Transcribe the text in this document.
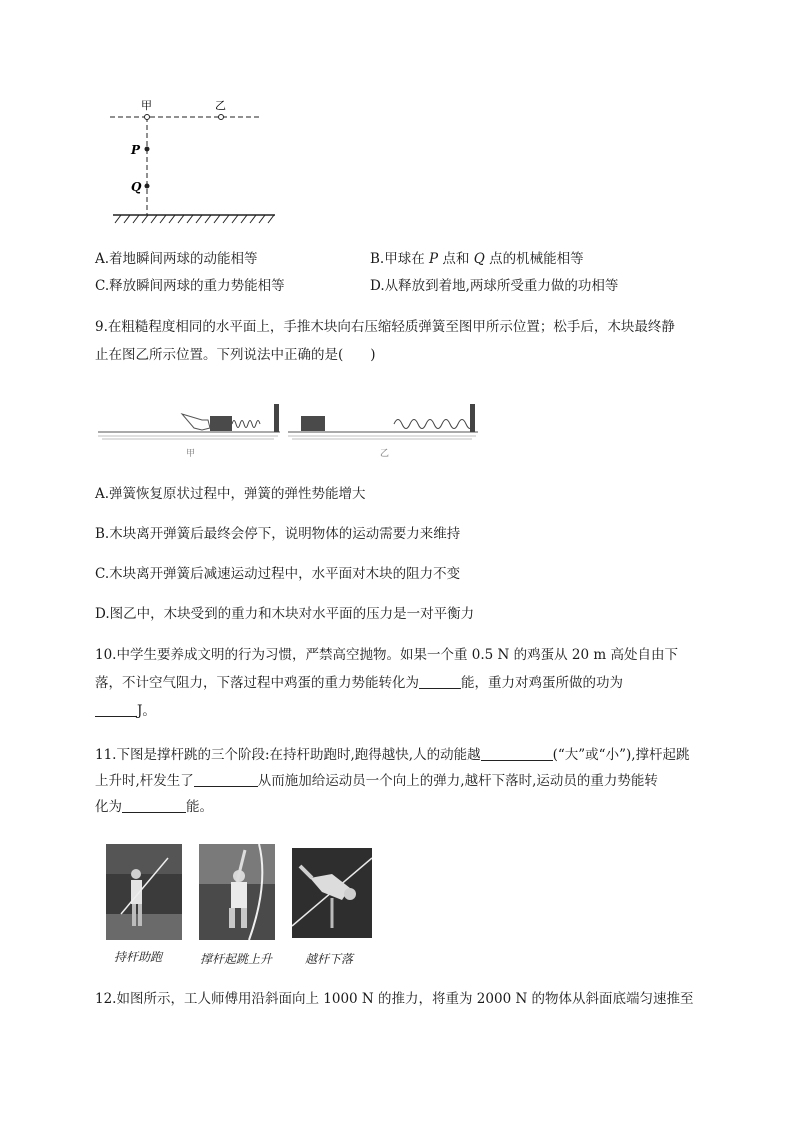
甲	乙
P
Q
A.着地瞬间两球的动能相等	B.甲球在 P 点和 Q 点的机械能相等
C.释放瞬间两球的重力势能相等	D.从释放到着地,两球所受重力做的功相等
9.在粗糙程度相同的水平面上，手推木块向右压缩轻质弹簧至图甲所示位置；松手后，木块最终静
止在图乙所示位置。下列说法中正确的是(　　)
甲	乙
A.弹簧恢复原状过程中，弹簧的弹性势能增大
B.木块离开弹簧后最终会停下，说明物体的运动需要力来维持
C.木块离开弹簧后减速运动过程中，水平面对木块的阻力不变
D.图乙中，木块受到的重力和木块对水平面的压力是一对平衡力
10.中学生要养成文明的行为习惯，严禁高空抛物。如果一个重 0.5 N 的鸡蛋从 20 m 高处自由下
落，不计空气阻力，下落过程中鸡蛋的重力势能转化为	能，重力对鸡蛋所做的功为
J。
11.下图是撑杆跳的三个阶段:在持杆助跑时,跑得越快,人的动能越	(“大”或“小”),撑杆起跳
上升时,杆发生了	从而施加给运动员一个向上的弹力,越杆下落时,运动员的重力势能转
化为	能。
持杆助跑	撑杆起跳上升	越杆下落
12.如图所示，工人师傅用沿斜面向上 1000 N 的推力，将重为 2000 N 的物体从斜面底端匀速推至
